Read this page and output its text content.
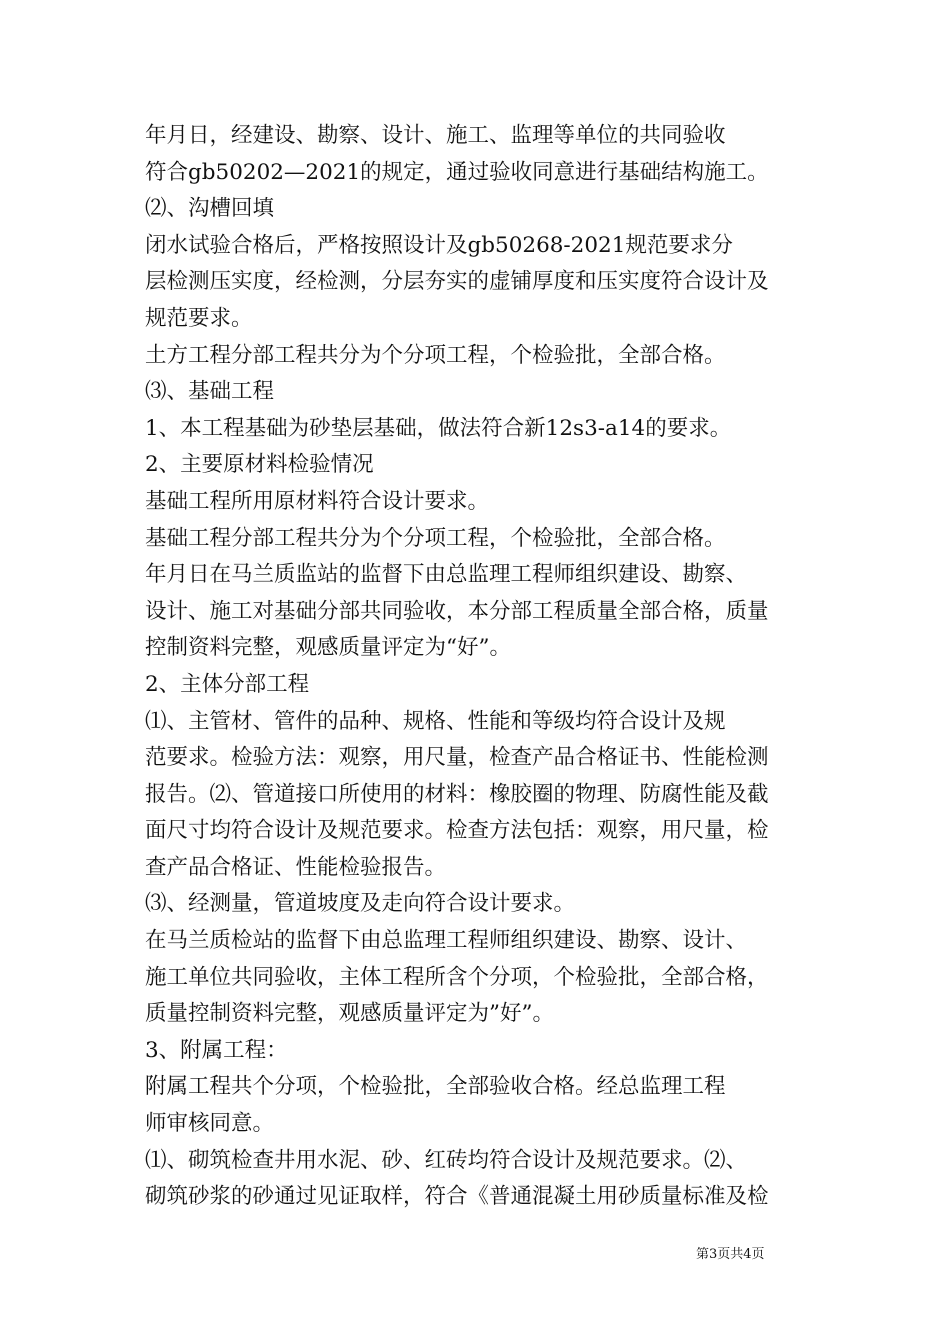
年月日，经建设、勘察、设计、施工、监理等单位的共同验收
符合gb50202—2021的规定，通过验收同意进行基础结构施工。
⑵、沟槽回填
闭水试验合格后，严格按照设计及gb50268-2021规范要求分
层检测压实度，经检测，分层夯实的虚铺厚度和压实度符合设计及
规范要求。
土方工程分部工程共分为个分项工程，个检验批，全部合格。
⑶、基础工程
1、本工程基础为砂垫层基础，做法符合新12s3-a14的要求。
2、主要原材料检验情况
基础工程所用原材料符合设计要求。
基础工程分部工程共分为个分项工程，个检验批，全部合格。
年月日在马兰质监站的监督下由总监理工程师组织建设、勘察、
设计、施工对基础分部共同验收，本分部工程质量全部合格，质量
控制资料完整，观感质量评定为“好”。
2、主体分部工程
⑴、主管材、管件的品种、规格、性能和等级均符合设计及规
范要求。检验方法：观察，用尺量，检查产品合格证书、性能检测
报告。⑵、管道接口所使用的材料：橡胶圈的物理、防腐性能及截
面尺寸均符合设计及规范要求。检查方法包括：观察，用尺量，检
查产品合格证、性能检验报告。
⑶、经测量，管道坡度及走向符合设计要求。
在马兰质检站的监督下由总监理工程师组织建设、勘察、设计、
施工单位共同验收，主体工程所含个分项，个检验批，全部合格，
质量控制资料完整，观感质量评定为”好”。
3、附属工程：
附属工程共个分项，个检验批，全部验收合格。经总监理工程
师审核同意。
⑴、砌筑检查井用水泥、砂、红砖均符合设计及规范要求。⑵、
砌筑砂浆的砂通过见证取样，符合《普通混凝土用砂质量标准及检
第3页共4页
